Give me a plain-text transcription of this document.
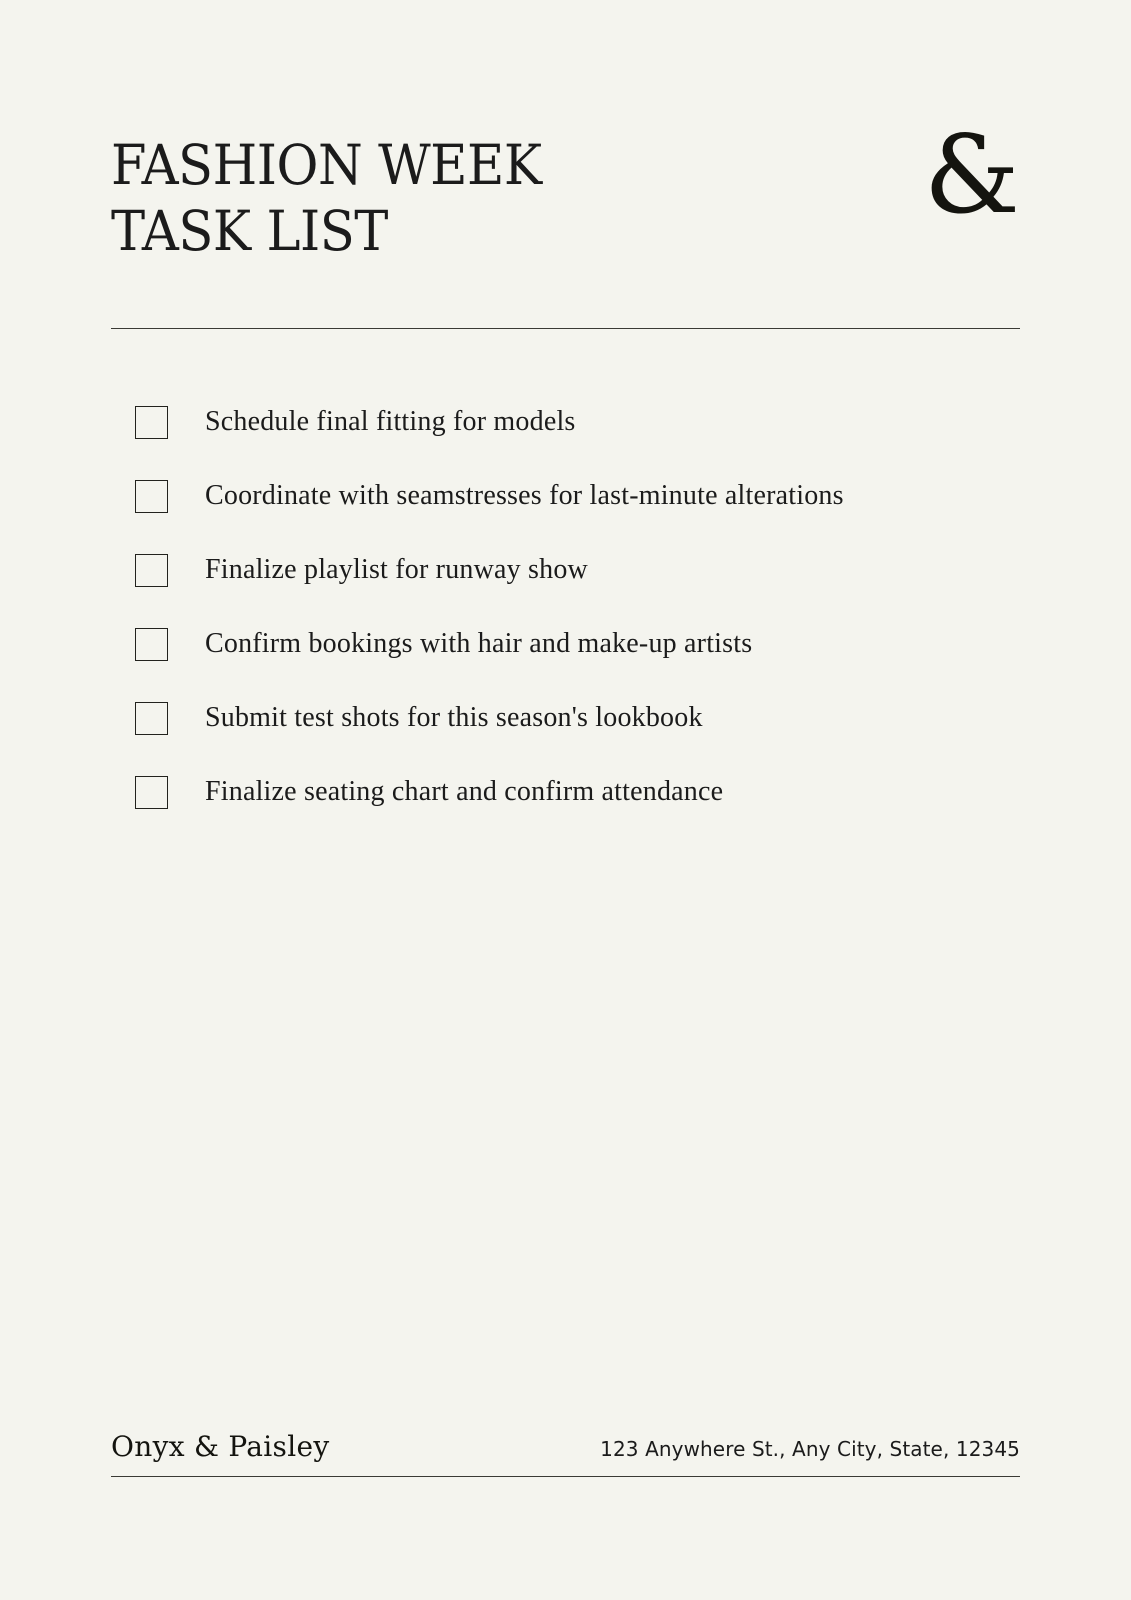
FASHION WEEK
TASK LIST	&
Schedule final fitting for models
Coordinate with seamstresses for last-minute alterations
Finalize playlist for runway show
Confirm bookings with hair and make-up artists
Submit test shots for this season's lookbook
Finalize seating chart and confirm attendance
Onyx & Paisley	123 Anywhere St., Any City, State, 12345
